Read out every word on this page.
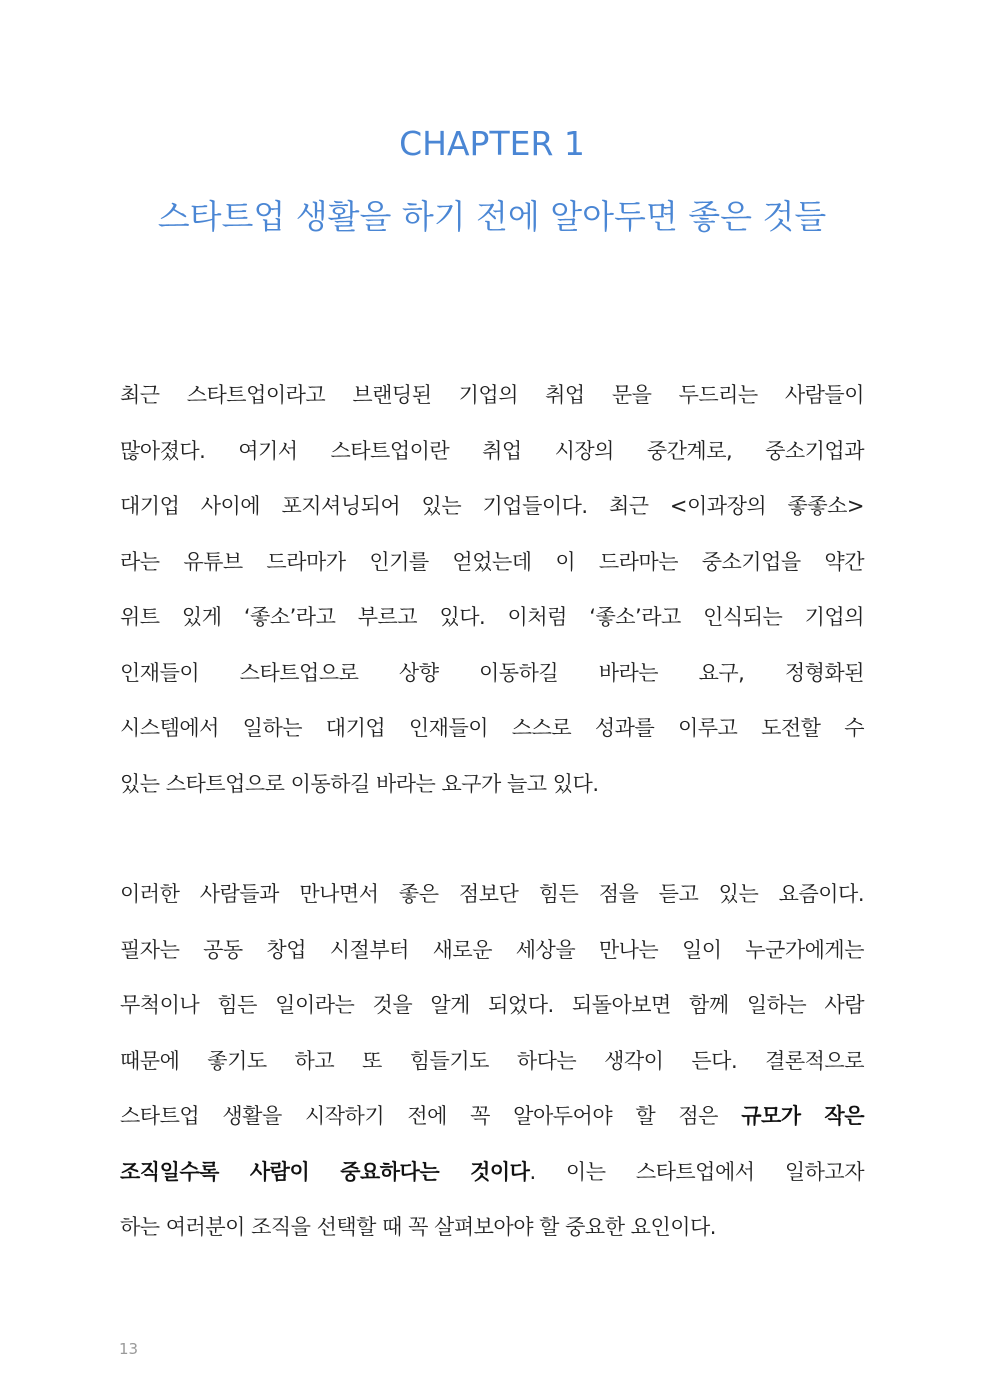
CHAPTER 1
스타트업 생활을 하기 전에 알아두면 좋은 것들

최근 스타트업이라고 브랜딩된 기업의 취업 문을 두드리는 사람들이
많아졌다. 여기서 스타트업이란 취업 시장의 중간계로, 중소기업과
대기업 사이에 포지셔닝되어 있는 기업들이다. 최근 <이과장의 좋좋소>
라는 유튜브 드라마가 인기를 얻었는데 이 드라마는 중소기업을 약간
위트 있게 ‘좋소’라고 부르고 있다. 이처럼 ‘좋소’라고 인식되는 기업의
인재들이 스타트업으로 상향 이동하길 바라는 요구, 정형화된
시스템에서 일하는 대기업 인재들이 스스로 성과를 이루고 도전할 수
있는 스타트업으로 이동하길 바라는 요구가 늘고 있다.

이러한 사람들과 만나면서 좋은 점보단 힘든 점을 듣고 있는 요즘이다.
필자는 공동 창업 시절부터 새로운 세상을 만나는 일이 누군가에게는
무척이나 힘든 일이라는 것을 알게 되었다. 되돌아보면 함께 일하는 사람
때문에 좋기도 하고 또 힘들기도 하다는 생각이 든다. 결론적으로
스타트업 생활을 시작하기 전에 꼭 알아두어야 할 점은 규모가 작은
조직일수록 사람이 중요하다는 것이다. 이는 스타트업에서 일하고자
하는 여러분이 조직을 선택할 때 꼭 살펴보아야 할 중요한 요인이다.

13
